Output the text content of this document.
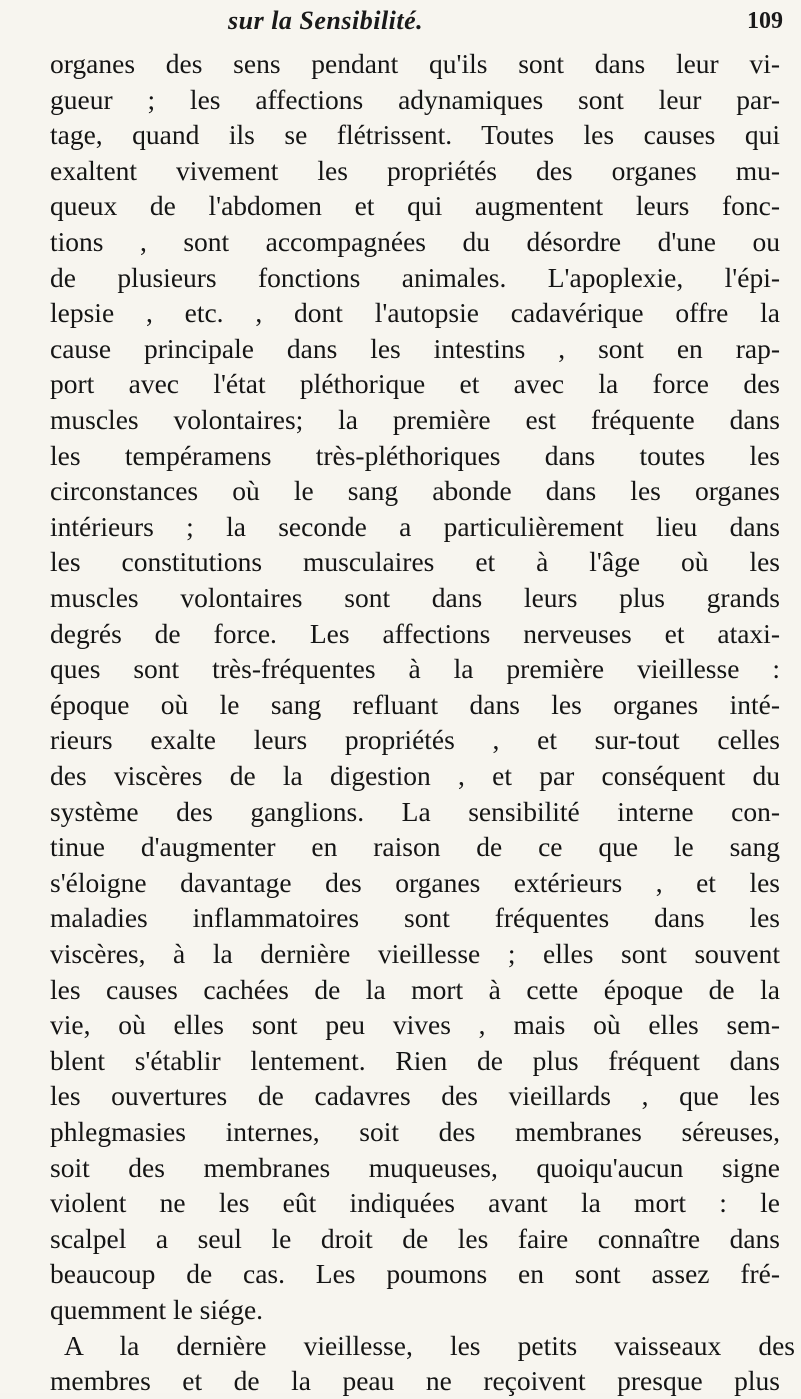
sur la Sensibilité.	109
organes des sens pendant qu'ils sont dans leur vi-
gueur ; les affections adynamiques sont leur par-
tage, quand ils se flétrissent. Toutes les causes qui
exaltent vivement les propriétés des organes mu-
queux de l'abdomen et qui augmentent leurs fonc-
tions , sont accompagnées du désordre d'une ou
de plusieurs fonctions animales. L'apoplexie, l'épi-
lepsie , etc. , dont l'autopsie cadavérique offre la
cause principale dans les intestins , sont en rap-
port avec l'état pléthorique et avec la force des
muscles volontaires; la première est fréquente dans
les tempéramens très-pléthoriques dans toutes les
circonstances où le sang abonde dans les organes
intérieurs ; la seconde a particulièrement lieu dans
les constitutions musculaires et à l'âge où les
muscles volontaires sont dans leurs plus grands
degrés de force. Les affections nerveuses et ataxi-
ques sont très-fréquentes à la première vieillesse :
époque où le sang refluant dans les organes inté-
rieurs exalte leurs propriétés , et sur-tout celles
des viscères de la digestion , et par conséquent du
système des ganglions. La sensibilité interne con-
tinue d'augmenter en raison de ce que le sang
s'éloigne davantage des organes extérieurs , et les
maladies inflammatoires sont fréquentes dans les
viscères, à la dernière vieillesse ; elles sont souvent
les causes cachées de la mort à cette époque de la
vie, où elles sont peu vives , mais où elles sem-
blent s'établir lentement. Rien de plus fréquent dans
les ouvertures de cadavres des vieillards , que les
phlegmasies internes, soit des membranes séreuses,
soit des membranes muqueuses, quoiqu'aucun signe
violent ne les eût indiquées avant la mort : le
scalpel a seul le droit de les faire connaître dans
beaucoup de cas. Les poumons en sont assez fré-
quemment le siége.
A la dernière vieillesse, les petits vaisseaux des
membres et de la peau ne reçoivent presque plus
